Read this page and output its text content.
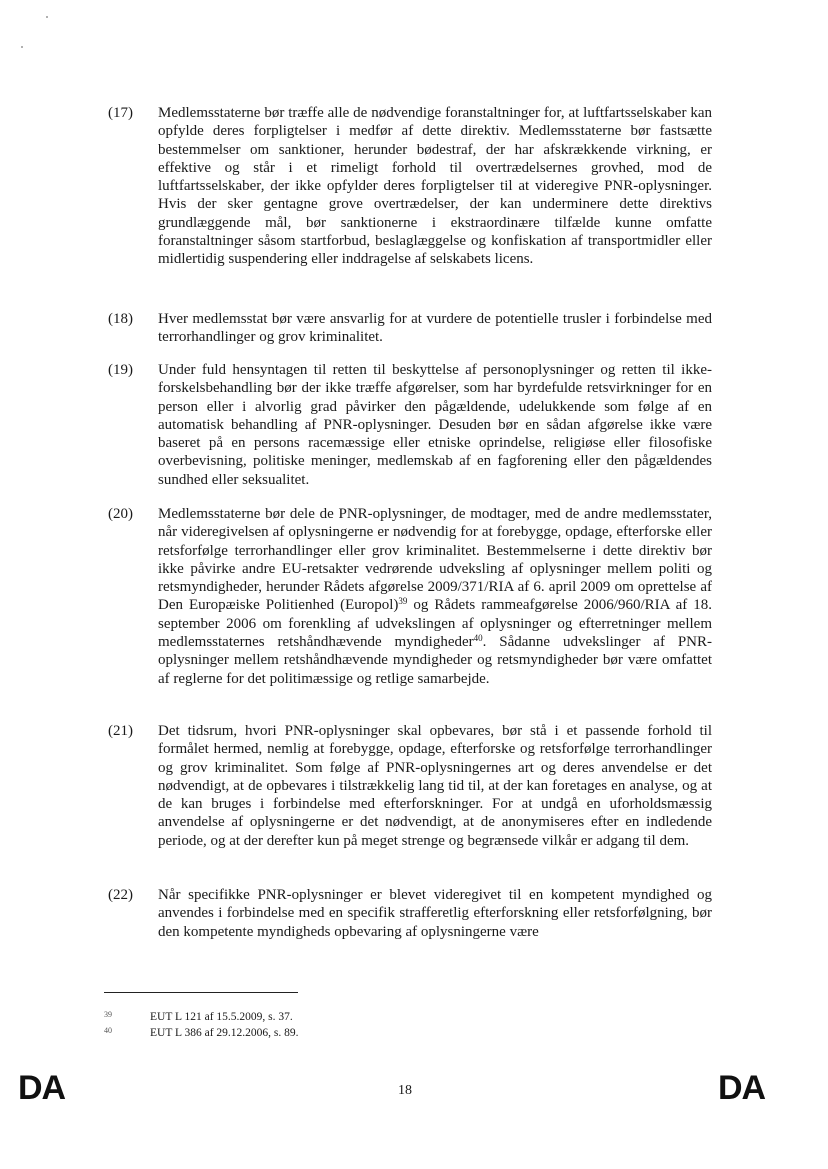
(17)	Medlemsstaterne bør træffe alle de nødvendige foranstaltninger for, at luftfartsselskaber kan opfylde deres forpligtelser i medfør af dette direktiv. Medlemsstaterne bør fastsætte bestemmelser om sanktioner, herunder bødestraf, der har afskrækkende virkning, er effektive og står i et rimeligt forhold til overtrædelsernes grovhed, mod de luftfartsselskaber, der ikke opfylder deres forpligtelser til at videregive PNR-oplysninger. Hvis der sker gentagne grove overtrædelser, der kan underminere dette direktivs grundlæggende mål, bør sanktionerne i ekstraordinære tilfælde kunne omfatte foranstaltninger såsom startforbud, beslaglæggelse og konfiskation af transportmidler eller midlertidig suspendering eller inddragelse af selskabets licens.
(18)	Hver medlemsstat bør være ansvarlig for at vurdere de potentielle trusler i forbindelse med terrorhandlinger og grov kriminalitet.
(19)	Under fuld hensyntagen til retten til beskyttelse af personoplysninger og retten til ikke-forskelsbehandling bør der ikke træffe afgørelser, som har byrdefulde retsvirkninger for en person eller i alvorlig grad påvirker den pågældende, udelukkende som følge af en automatisk behandling af PNR-oplysninger. Desuden bør en sådan afgørelse ikke være baseret på en persons racemæssige eller etniske oprindelse, religiøse eller filosofiske overbevisning, politiske meninger, medlemskab af en fagforening eller den pågældendes sundhed eller seksualitet.
(20)	Medlemsstaterne bør dele de PNR-oplysninger, de modtager, med de andre medlemsstater, når videregivelsen af oplysningerne er nødvendig for at forebygge, opdage, efterforske eller retsforfølge terrorhandlinger eller grov kriminalitet. Bestemmelserne i dette direktiv bør ikke påvirke andre EU-retsakter vedrørende udveksling af oplysninger mellem politi og retsmyndigheder, herunder Rådets afgørelse 2009/371/RIA af 6. april 2009 om oprettelse af Den Europæiske Politienhed (Europol)$^{39}$ og Rådets rammeafgørelse 2006/960/RIA af 18. september 2006 om forenkling af udvekslingen af oplysninger og efterretninger mellem medlemsstaternes retshåndhævende myndigheder$^{40}$. Sådanne udvekslinger af PNR-oplysninger mellem retshåndhævende myndigheder og retsmyndigheder bør være omfattet af reglerne for det politimæssige og retlige samarbejde.
(21)	Det tidsrum, hvori PNR-oplysninger skal opbevares, bør stå i et passende forhold til formålet hermed, nemlig at forebygge, opdage, efterforske og retsforfølge terrorhandlinger og grov kriminalitet. Som følge af PNR-oplysningernes art og deres anvendelse er det nødvendigt, at de opbevares i tilstrækkelig lang tid til, at der kan foretages en analyse, og at de kan bruges i forbindelse med efterforskninger. For at undgå en uforholdsmæssig anvendelse af oplysningerne er det nødvendigt, at de anonymiseres efter en indledende periode, og at der derefter kun på meget strenge og begrænsede vilkår er adgang til dem.
(22)	Når specifikke PNR-oplysninger er blevet videregivet til en kompetent myndighed og anvendes i forbindelse med en specifik strafferetlig efterforskning eller retsforfølgning, bør den kompetente myndigheds opbevaring af oplysningerne være
39	EUT L 121 af 15.5.2009, s. 37.
40	EUT L 386 af 29.12.2006, s. 89.
DA	18	DA
